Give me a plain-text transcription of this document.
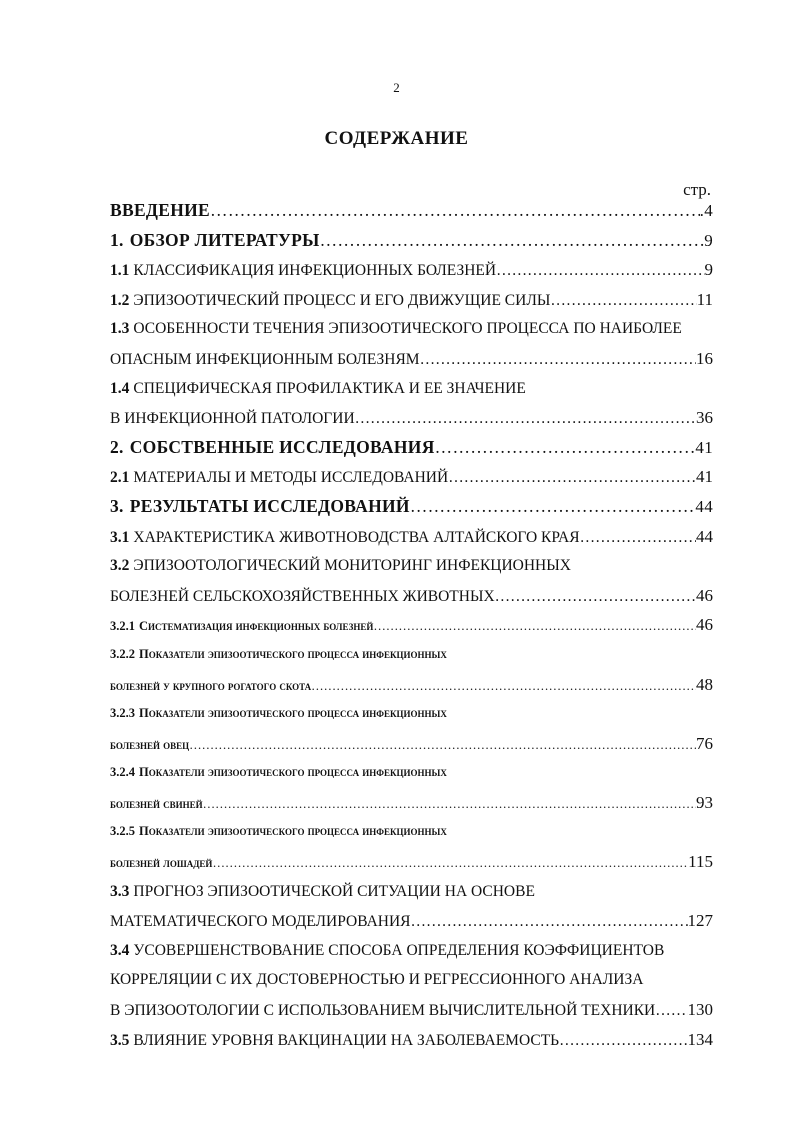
2
СОДЕРЖАНИЕ
стр.
ВВЕДЕНИЕ ……………………………………………………………………………………………………………………………………………………………………………………	.4
1. ОБЗОР ЛИТЕРАТУРЫ ……………………………………………………………………………………………………………………………………………………………………………………	9
1.1 КЛАССИФИКАЦИЯ ИНФЕКЦИОННЫХ БОЛЕЗНЕЙ ……………………………………………………………………………………………………………………………………………………………………………………	9
1.2 ЭПИЗООТИЧЕСКИЙ ПРОЦЕСС И ЕГО ДВИЖУЩИЕ СИЛЫ ……………………………………………………………………………………………………………………………………………………………………………………	11
1.3 ОСОБЕННОСТИ ТЕЧЕНИЯ ЭПИЗООТИЧЕСКОГО ПРОЦЕССА ПО НАИБОЛЕЕ
ОПАСНЫМ ИНФЕКЦИОННЫМ БОЛЕЗНЯМ ……………………………………………………………………………………………………………………………………………………………………………………	16
1.4 СПЕЦИФИЧЕСКАЯ ПРОФИЛАКТИКА И ЕЕ ЗНАЧЕНИЕ
В ИНФЕКЦИОННОЙ ПАТОЛОГИИ ……………………………………………………………………………………………………………………………………………………………………………………	36
2. СОБСТВЕННЫЕ ИССЛЕДОВАНИЯ ……………………………………………………………………………………………………………………………………………………………………………………	41
2.1 МАТЕРИАЛЫ И МЕТОДЫ ИССЛЕДОВАНИЙ ……………………………………………………………………………………………………………………………………………………………………………………	41
3. РЕЗУЛЬТАТЫ ИССЛЕДОВАНИЙ ……………………………………………………………………………………………………………………………………………………………………………………	44
3.1 ХАРАКТЕРИСТИКА ЖИВОТНОВОДСТВА АЛТАЙСКОГО КРАЯ ……………………………………………………………………………………………………………………………………………………………………………………	44
3.2 ЭПИЗООТОЛОГИЧЕСКИЙ МОНИТОРИНГ ИНФЕКЦИОННЫХ
БОЛЕЗНЕЙ СЕЛЬСКОХОЗЯЙСТВЕННЫХ ЖИВОТНЫХ ……………………………………………………………………………………………………………………………………………………………………………………	46
3.2.1 Систематизация инфекционных болезней ……………………………………………………………………………………………………………………………………………………………………………………	46
3.2.2 Показатели эпизоотического процесса инфекционных
болезней у крупного рогатого скота ……………………………………………………………………………………………………………………………………………………………………………………	48
3.2.3 Показатели эпизоотического процесса инфекционных
болезней овец ……………………………………………………………………………………………………………………………………………………………………………………	76
3.2.4 Показатели эпизоотического процесса инфекционных
болезней свиней ……………………………………………………………………………………………………………………………………………………………………………………	93
3.2.5 Показатели эпизоотического процесса инфекционных
болезней лошадей ……………………………………………………………………………………………………………………………………………………………………………………	115
3.3 ПРОГНОЗ ЭПИЗООТИЧЕСКОЙ СИТУАЦИИ НА ОСНОВЕ
МАТЕМАТИЧЕСКОГО МОДЕЛИРОВАНИЯ ……………………………………………………………………………………………………………………………………………………………………………………	127
3.4 УСОВЕРШЕНСТВОВАНИЕ СПОСОБА ОПРЕДЕЛЕНИЯ КОЭФФИЦИЕНТОВ
КОРРЕЛЯЦИИ С ИХ ДОСТОВЕРНОСТЬЮ И РЕГРЕССИОННОГО АНАЛИЗА
В ЭПИЗООТОЛОГИИ С ИСПОЛЬЗОВАНИЕМ ВЫЧИСЛИТЕЛЬНОЙ ТЕХНИКИ …………………………………………………………………………………………………………………………………………………………………………………… 130
3.5 ВЛИЯНИЕ УРОВНЯ ВАКЦИНАЦИИ НА ЗАБОЛЕВАЕМОСТЬ ……………………………………………………………………………………………………………………………………………………………………………………	134
